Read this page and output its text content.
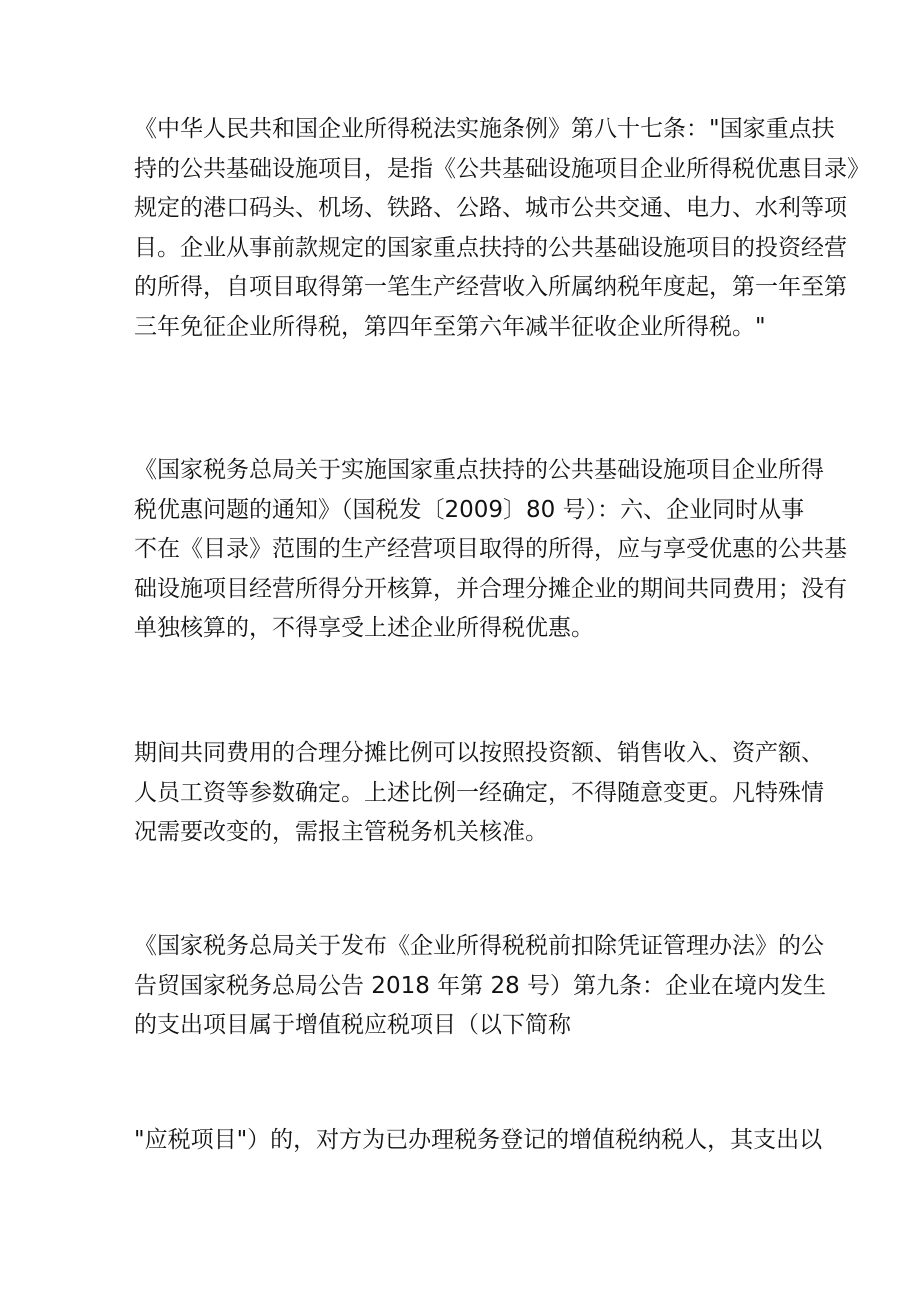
《中华人民共和国企业所得税法实施条例》第八十七条："国家重点扶
持的公共基础设施项目，是指《公共基础设施项目企业所得税优惠目录》
规定的港口码头、机场、铁路、公路、城市公共交通、电力、水利等项
目。企业从事前款规定的国家重点扶持的公共基础设施项目的投资经营
的所得，自项目取得第一笔生产经营收入所属纳税年度起，第一年至第
三年免征企业所得税，第四年至第六年减半征收企业所得税。"
《国家税务总局关于实施国家重点扶持的公共基础设施项目企业所得
税优惠问题的通知》（国税发〔2009〕80 号）：六、企业同时从事
不在《目录》范围的生产经营项目取得的所得，应与享受优惠的公共基
础设施项目经营所得分开核算，并合理分摊企业的期间共同费用；没有
单独核算的，不得享受上述企业所得税优惠。
期间共同费用的合理分摊比例可以按照投资额、销售收入、资产额、
人员工资等参数确定。上述比例一经确定，不得随意变更。凡特殊情
况需要改变的，需报主管税务机关核准。
《国家税务总局关于发布《企业所得税税前扣除凭证管理办法》的公
告贸国家税务总局公告 2018 年第 28 号）第九条：企业在境内发生
的支出项目属于增值税应税项目（以下简称
"应税项目"）的，对方为已办理税务登记的增值税纳税人，其支出以
